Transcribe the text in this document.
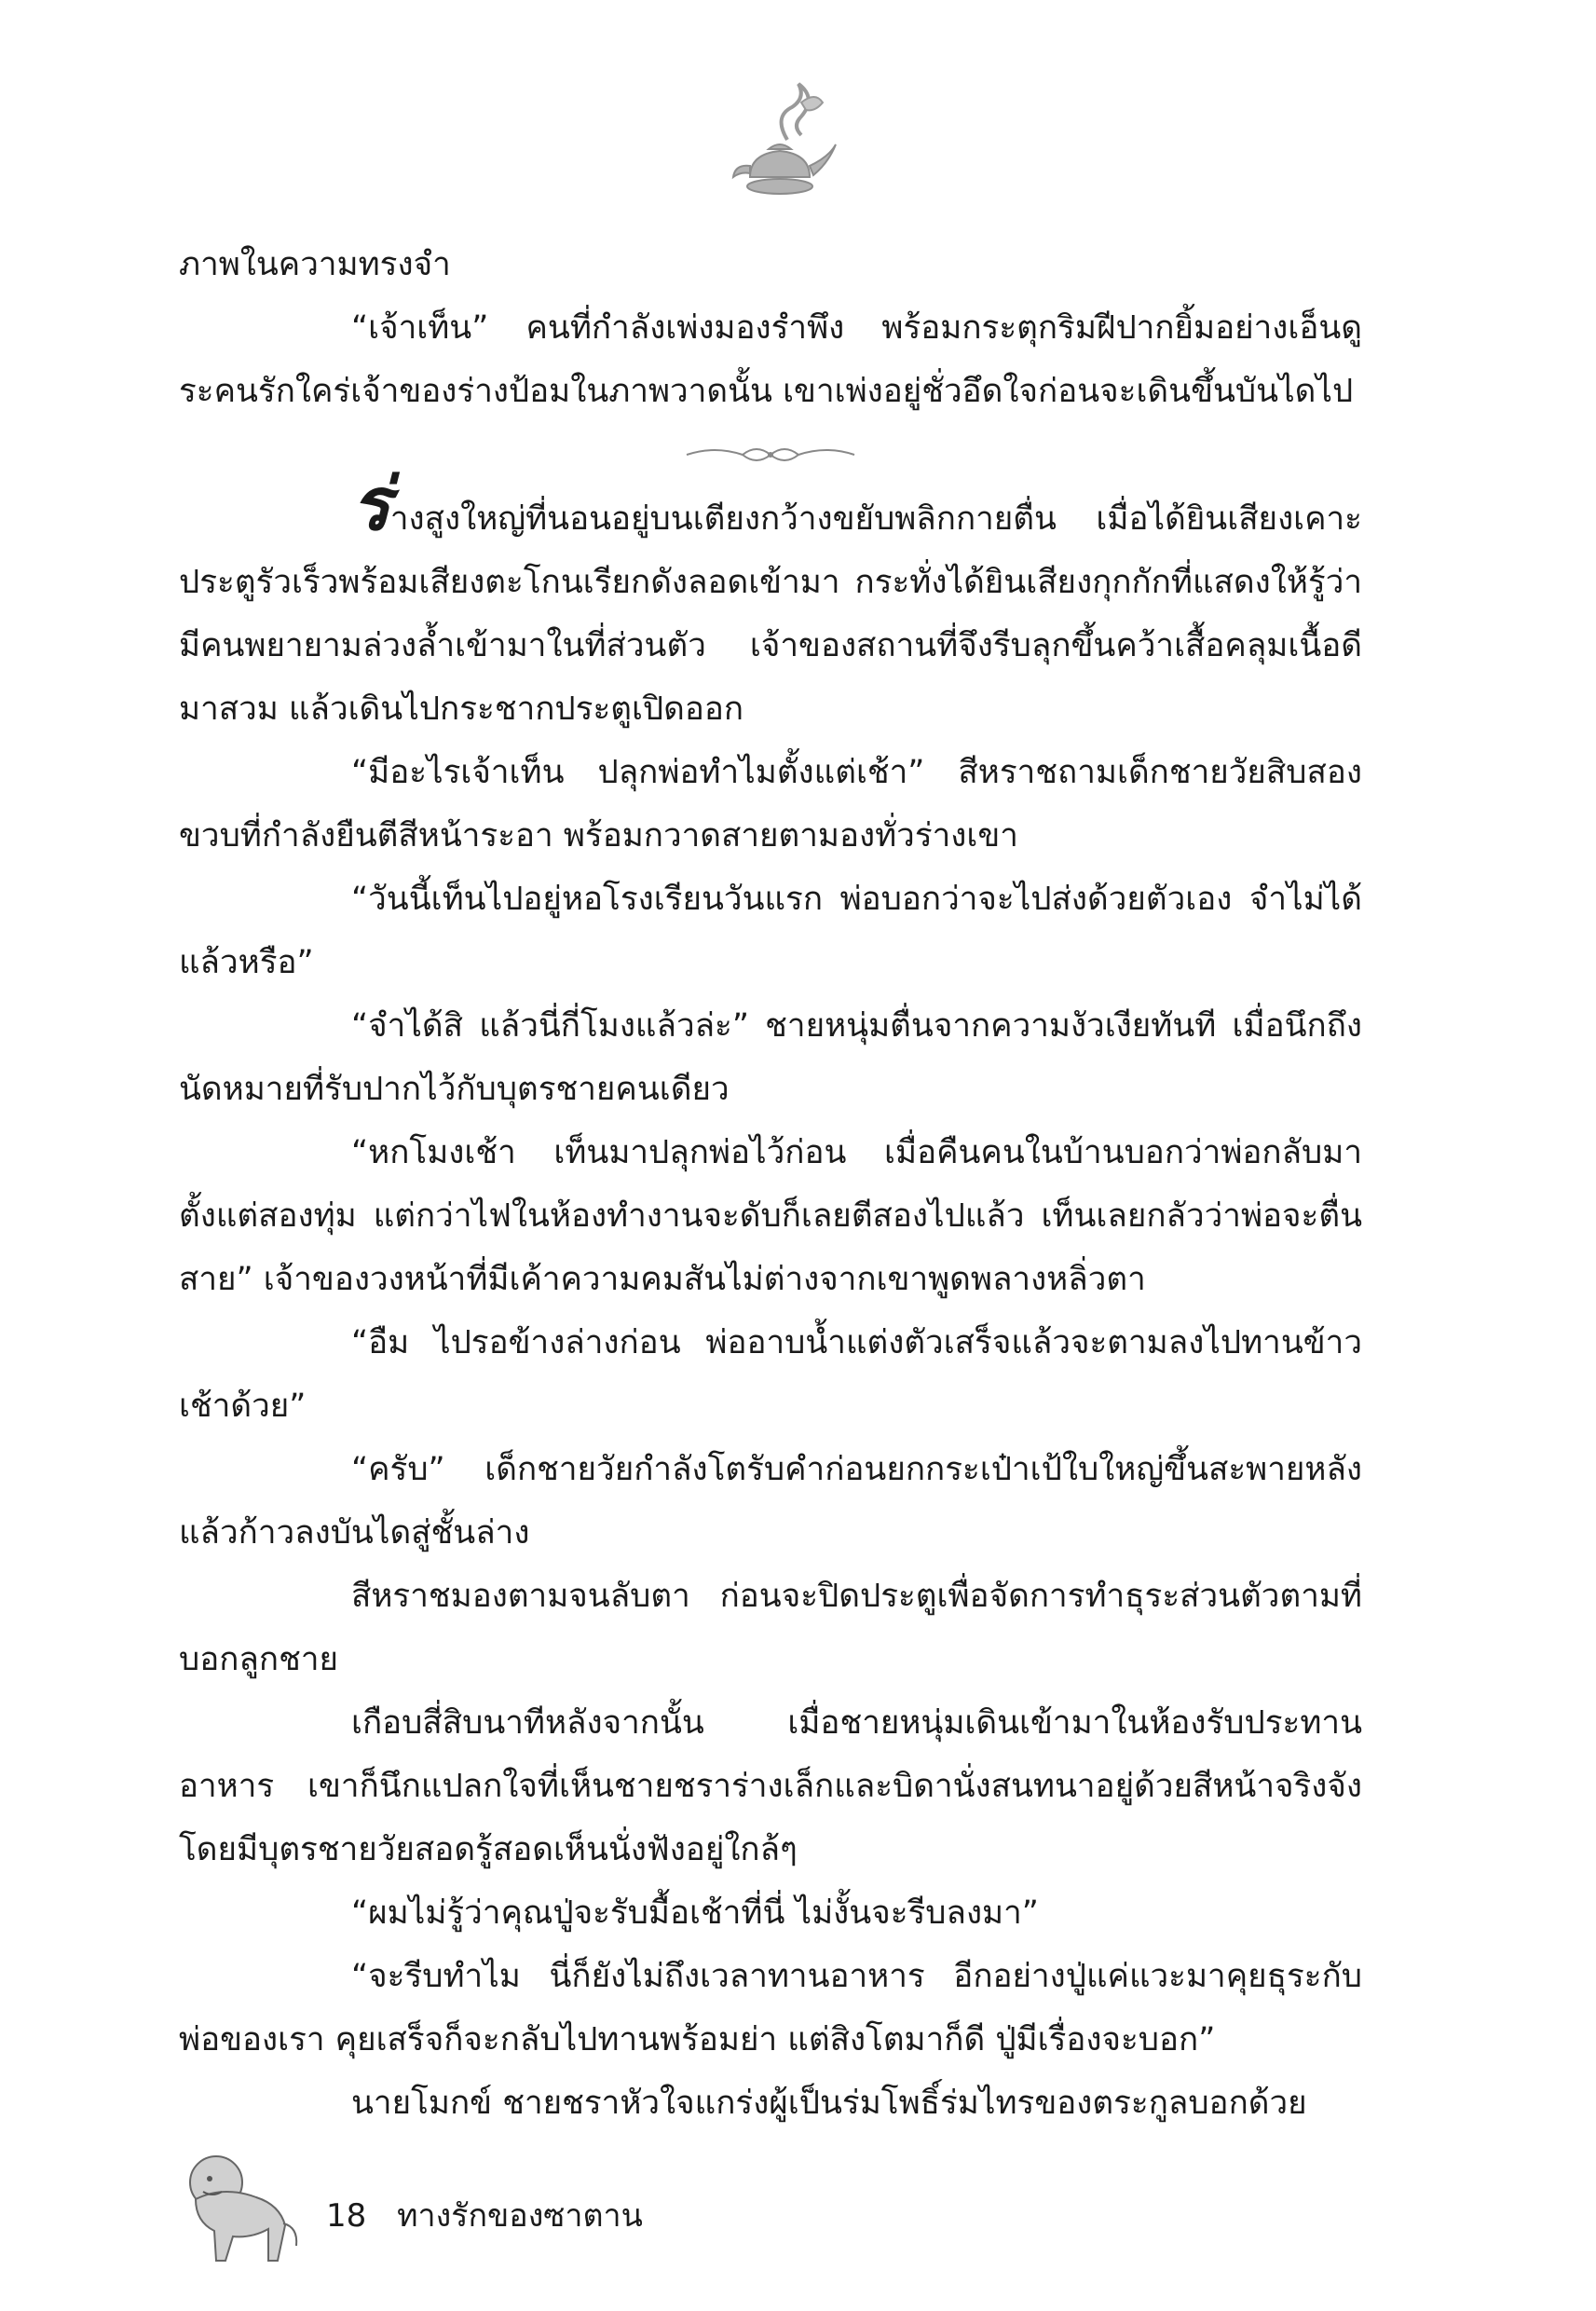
ภาพในความทรงจำ

“เจ้าเท็น” คนที่กำลังเพ่งมองรำพึง พร้อมกระตุกริมฝีปากยิ้มอย่างเอ็นดูระคนรักใคร่เจ้าของร่างป้อมในภาพวาดนั้น เขาเพ่งอยู่ชั่วอึดใจก่อนจะเดินขึ้นบันไดไป

ร่างสูงใหญ่ที่นอนอยู่บนเตียงกว้างขยับพลิกกายตื่น เมื่อได้ยินเสียงเคาะประตูรัวเร็วพร้อมเสียงตะโกนเรียกดังลอดเข้ามา กระทั่งได้ยินเสียงกุกกักที่แสดงให้รู้ว่ามีคนพยายามล่วงล้ำเข้ามาในที่ส่วนตัว เจ้าของสถานที่จึงรีบลุกขึ้นคว้าเสื้อคลุมเนื้อดีมาสวม แล้วเดินไปกระชากประตูเปิดออก

“มีอะไรเจ้าเท็น ปลุกพ่อทำไมตั้งแต่เช้า” สีหราชถามเด็กชายวัยสิบสองขวบที่กำลังยืนตีสีหน้าระอา พร้อมกวาดสายตามองทั่วร่างเขา

“วันนี้เท็นไปอยู่หอโรงเรียนวันแรก พ่อบอกว่าจะไปส่งด้วยตัวเอง จำไม่ได้แล้วหรือ”

“จำได้สิ แล้วนี่กี่โมงแล้วล่ะ” ชายหนุ่มตื่นจากความงัวเงียทันที เมื่อนึกถึงนัดหมายที่รับปากไว้กับบุตรชายคนเดียว

“หกโมงเช้า เท็นมาปลุกพ่อไว้ก่อน เมื่อคืนคนในบ้านบอกว่าพ่อกลับมาตั้งแต่สองทุ่ม แต่กว่าไฟในห้องทำงานจะดับก็เลยตีสองไปแล้ว เท็นเลยกลัวว่าพ่อจะตื่นสาย” เจ้าของวงหน้าที่มีเค้าความคมสันไม่ต่างจากเขาพูดพลางหลิ่วตา

“อืม ไปรอข้างล่างก่อน พ่ออาบน้ำแต่งตัวเสร็จแล้วจะตามลงไปทานข้าวเช้าด้วย”

“ครับ” เด็กชายวัยกำลังโตรับคำก่อนยกกระเป๋าเป้ใบใหญ่ขึ้นสะพายหลังแล้วก้าวลงบันไดสู่ชั้นล่าง

สีหราชมองตามจนลับตา ก่อนจะปิดประตูเพื่อจัดการทำธุระส่วนตัวตามที่บอกลูกชาย

เกือบสี่สิบนาทีหลังจากนั้น เมื่อชายหนุ่มเดินเข้ามาในห้องรับประทานอาหาร เขาก็นึกแปลกใจที่เห็นชายชราร่างเล็กและบิดานั่งสนทนาอยู่ด้วยสีหน้าจริงจัง โดยมีบุตรชายวัยสอดรู้สอดเห็นนั่งฟังอยู่ใกล้ๆ

“ผมไม่รู้ว่าคุณปู่จะรับมื้อเช้าที่นี่ ไม่งั้นจะรีบลงมา”

“จะรีบทำไม นี่ก็ยังไม่ถึงเวลาทานอาหาร อีกอย่างปู่แค่แวะมาคุยธุระกับพ่อของเรา คุยเสร็จก็จะกลับไปทานพร้อมย่า แต่สิงโตมาก็ดี ปู่มีเรื่องจะบอก”

นายโมกข์ ชายชราหัวใจแกร่งผู้เป็นร่มโพธิ์ร่มไทรของตระกูลบอกด้วย

18 ทางรักของซาตาน
